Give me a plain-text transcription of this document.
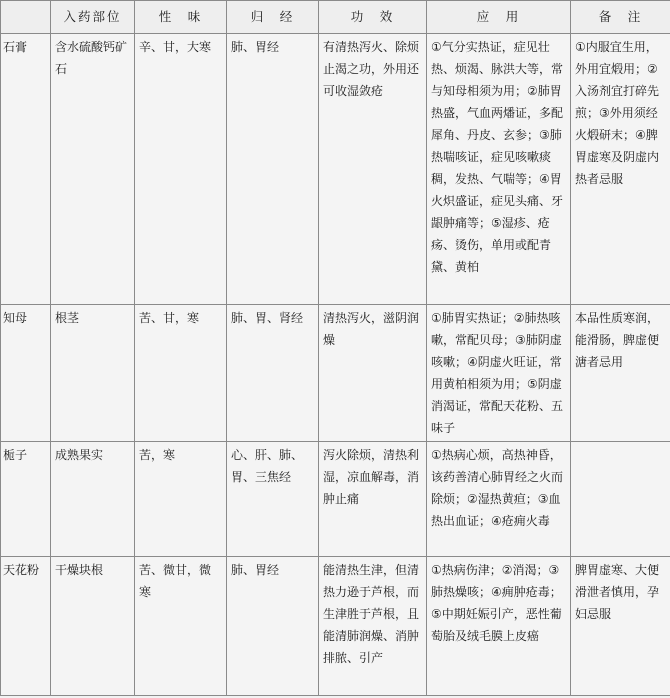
	入药部位	性　味	归　经	功　效	应　用	备　注
石膏	含水硫酸钙矿石	辛、甘，大寒	肺、胃经	有清热泻火、除烦止渴之功，外用还可收湿敛疮	①气分实热证，症见壮热、烦渴、脉洪大等，常与知母相须为用；②肺胃热盛，气血两燔证，多配犀角、丹皮、玄参；③肺热喘咳证，症见咳嗽痰稠，发热、气喘等；④胃火炽盛证，症见头痛、牙龈肿痛等；⑤湿疹、疮疡、烫伤，单用或配青黛、黄柏	①内服宜生用，外用宜煅用；②入汤剂宜打碎先煎；③外用须经火煅研末；④脾胃虚寒及阴虚内热者忌服
知母	根茎	苦、甘，寒	肺、胃、肾经	清热泻火，滋阴润燥	①肺胃实热证；②肺热咳嗽，常配贝母；③肺阴虚咳嗽；④阴虚火旺证，常用黄柏相须为用；⑤阴虚消渴证，常配天花粉、五味子	本品性质寒润，能滑肠，脾虚便溏者忌用
栀子	成熟果实	苦，寒	心、肝、肺、胃、三焦经	泻火除烦，清热利湿，凉血解毒，消肿止痛	①热病心烦，高热神昏，该药善清心肺胃经之火而除烦；②湿热黄疸；③血热出血证；④疮痈火毒	
天花粉	干燥块根	苦、微甘，微寒	肺、胃经	能清热生津，但清热力逊于芦根，而生津胜于芦根，且能清肺润燥、消肿排脓、引产	①热病伤津；②消渴；③肺热燥咳；④痈肿疮毒；⑤中期妊娠引产，恶性葡萄胎及绒毛膜上皮癌	脾胃虚寒、大便滑泄者慎用，孕妇忌服
